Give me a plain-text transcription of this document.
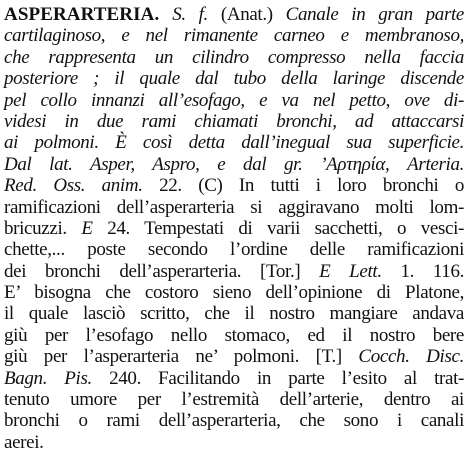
ASPERARTERIA. S. f. (Anat.) Canale in gran parte
cartilaginoso, e nel rimanente carneo e membranoso,
che rappresenta un cilindro compresso nella faccia
posteriore ; il quale dal tubo della laringe discende
pel collo innanzi all’esofago, e va nel petto, ove di-
videsi in due rami chiamati bronchi, ad attaccarsi
ai polmoni. È così detta dall’inegual sua superficie.
Dal lat. Asper, Aspro, e dal gr. ’Αρτηρία, Arteria.
Red. Oss. anim. 22. (C) In tutti i loro bronchi o
ramificazioni dell’asperarteria si aggiravano molti lom-
bricuzzi. E 24. Tempestati di varii sacchetti, o vesci-
chette,... poste secondo l’ordine delle ramificazioni
dei bronchi dell’asperarteria. [Tor.] E Lett. 1. 116.
E’ bisogna che costoro sieno dell’opinione di Platone,
il quale lasciò scritto, che il nostro mangiare andava
giù per l’esofago nello stomaco, ed il nostro bere
giù per l’asperarteria ne’ polmoni. [T.] Cocch. Disc.
Bagn. Pis. 240. Facilitando in parte l’esito al trat-
tenuto umore per l’estremità dell’arterie, dentro ai
bronchi o rami dell’asperarteria, che sono i canali
aerei.
